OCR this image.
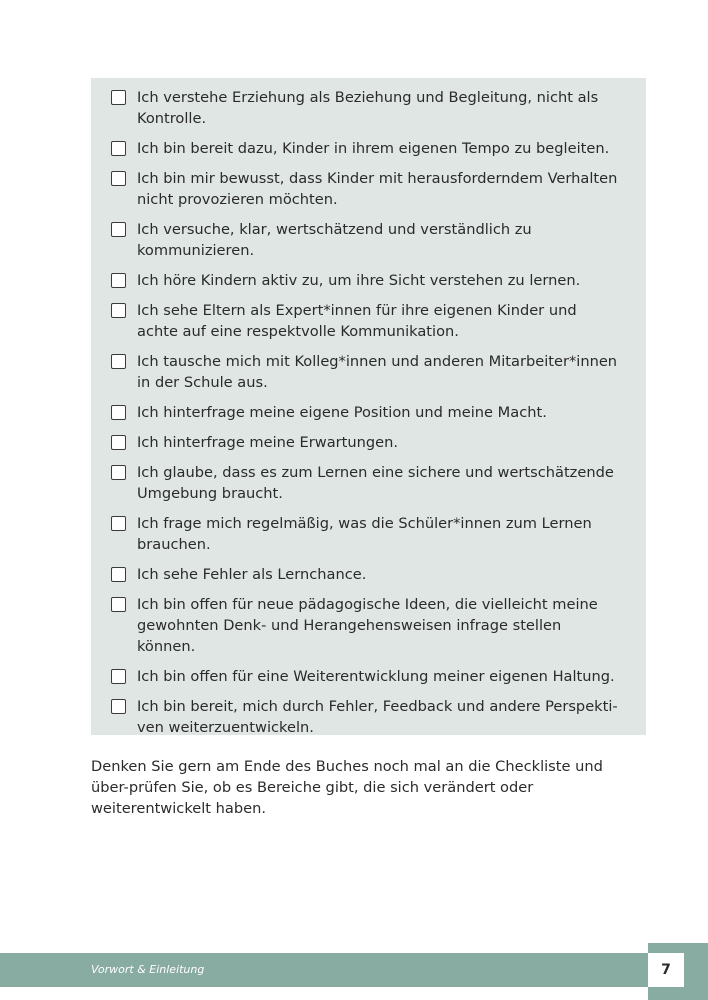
Ich verstehe Erziehung als Beziehung und Begleitung, nicht als Kontrolle.
Ich bin bereit dazu, Kinder in ihrem eigenen Tempo zu begleiten.
Ich bin mir bewusst, dass Kinder mit herausforderndem Verhalten nicht provozieren möchten.
Ich versuche, klar, wertschätzend und verständlich zu kommunizieren.
Ich höre Kindern aktiv zu, um ihre Sicht verstehen zu lernen.
Ich sehe Eltern als Expert*innen für ihre eigenen Kinder und achte auf eine respektvolle Kommunikation.
Ich tausche mich mit Kolleg*innen und anderen Mitarbeiter*innen in der Schule aus.
Ich hinterfrage meine eigene Position und meine Macht.
Ich hinterfrage meine Erwartungen.
Ich glaube, dass es zum Lernen eine sichere und wertschätzende Umgebung braucht.
Ich frage mich regelmäßig, was die Schüler*innen zum Lernen brauchen.
Ich sehe Fehler als Lernchance.
Ich bin offen für neue pädagogische Ideen, die vielleicht meine gewohnten Denk- und Herangehensweisen infrage stellen können.
Ich bin offen für eine Weiterentwicklung meiner eigenen Haltung.
Ich bin bereit, mich durch Fehler, Feedback und andere Perspekti-ven weiterzuentwickeln.

Denken Sie gern am Ende des Buches noch mal an die Checkliste und über-prüfen Sie, ob es Bereiche gibt, die sich verändert oder weiterentwickelt haben.

Vorwort & Einleitung	7
